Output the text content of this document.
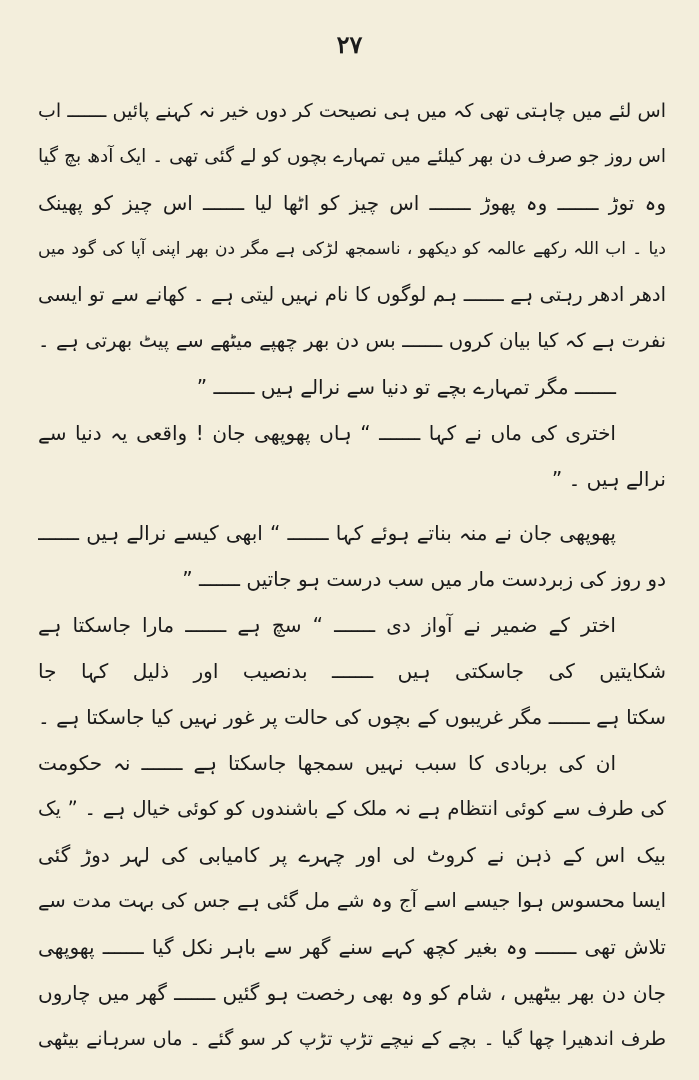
۲۷
اس لئے میں چاہتی تھی کہ میں ہی نصیحت کر دوں خیر نہ کہنے پائیں ـــــــ اب
اس روز جو صرف دن بھر کیلئے میں تمہارے بچوں کو لے گئی تھی ۔ ایک آدھ بچ گیا
وہ توڑ ـــــــ وہ پھوڑ ـــــــ اس چیز کو اٹھا لیا ـــــــ اس چیز کو پھینک
دیا ۔ اب اللہ رکھے عالمہ کو دیکھو ، ناسمجھ لڑکی ہے مگر دن بھر اپنی آپا کی گود میں
ادھر ادھر رہتی ہے ـــــــ ہم لوگوں کا نام نہیں لیتی ہے ۔ کھانے سے تو ایسی
نفرت ہے کہ کیا بیان کروں ـــــــ بس دن بھر چھپے میٹھے سے پیٹ بھرتی ہے ۔
ـــــــ مگر تمہارے بچے تو دنیا سے نرالے ہیں ـــــــ ”
اختری کی ماں نے کہا ـــــــ “ ہاں پھوپھی جان ! واقعی یہ دنیا سے
نرالے ہیں ۔ ”
پھوپھی جان نے منہ بناتے ہوئے کہا ـــــــ “ ابھی کیسے نرالے ہیں ـــــــ
دو روز کی زبردست مار میں سب درست ہو جاتیں ـــــــ ”
اختر کے ضمیر نے آواز دی ـــــــ “ سچ ہے ـــــــ مارا جاسکتا ہے
شکایتیں کی جاسکتی ہیں ـــــــ بدنصیب اور ذلیل کہا جا
سکتا ہے ـــــــ مگر غریبوں کے بچوں کی حالت پر غور نہیں کیا جاسکتا ہے ۔
ان کی بربادی کا سبب نہیں سمجھا جاسکتا ہے ـــــــ نہ حکومت
کی طرف سے کوئی انتظام ہے نہ ملک کے باشندوں کو کوئی خیال ہے ۔ ” یک
بیک اس کے ذہن نے کروٹ لی اور چہرے پر کامیابی کی لہر دوڑ گئی
ایسا محسوس ہوا جیسے اسے آج وہ شے مل گئی ہے جس کی بہت مدت سے
تلاش تھی ـــــــ وہ بغیر کچھ کہے سنے گھر سے باہر نکل گیا ـــــــ پھوپھی
جان دن بھر بیٹھیں ، شام کو وہ بھی رخصت ہو گئیں ـــــــ گھر میں چاروں
طرف اندھیرا چھا گیا ۔ بچے کے نیچے تڑپ تڑپ کر سو گئے ۔ ماں سرہانے بیٹھی
